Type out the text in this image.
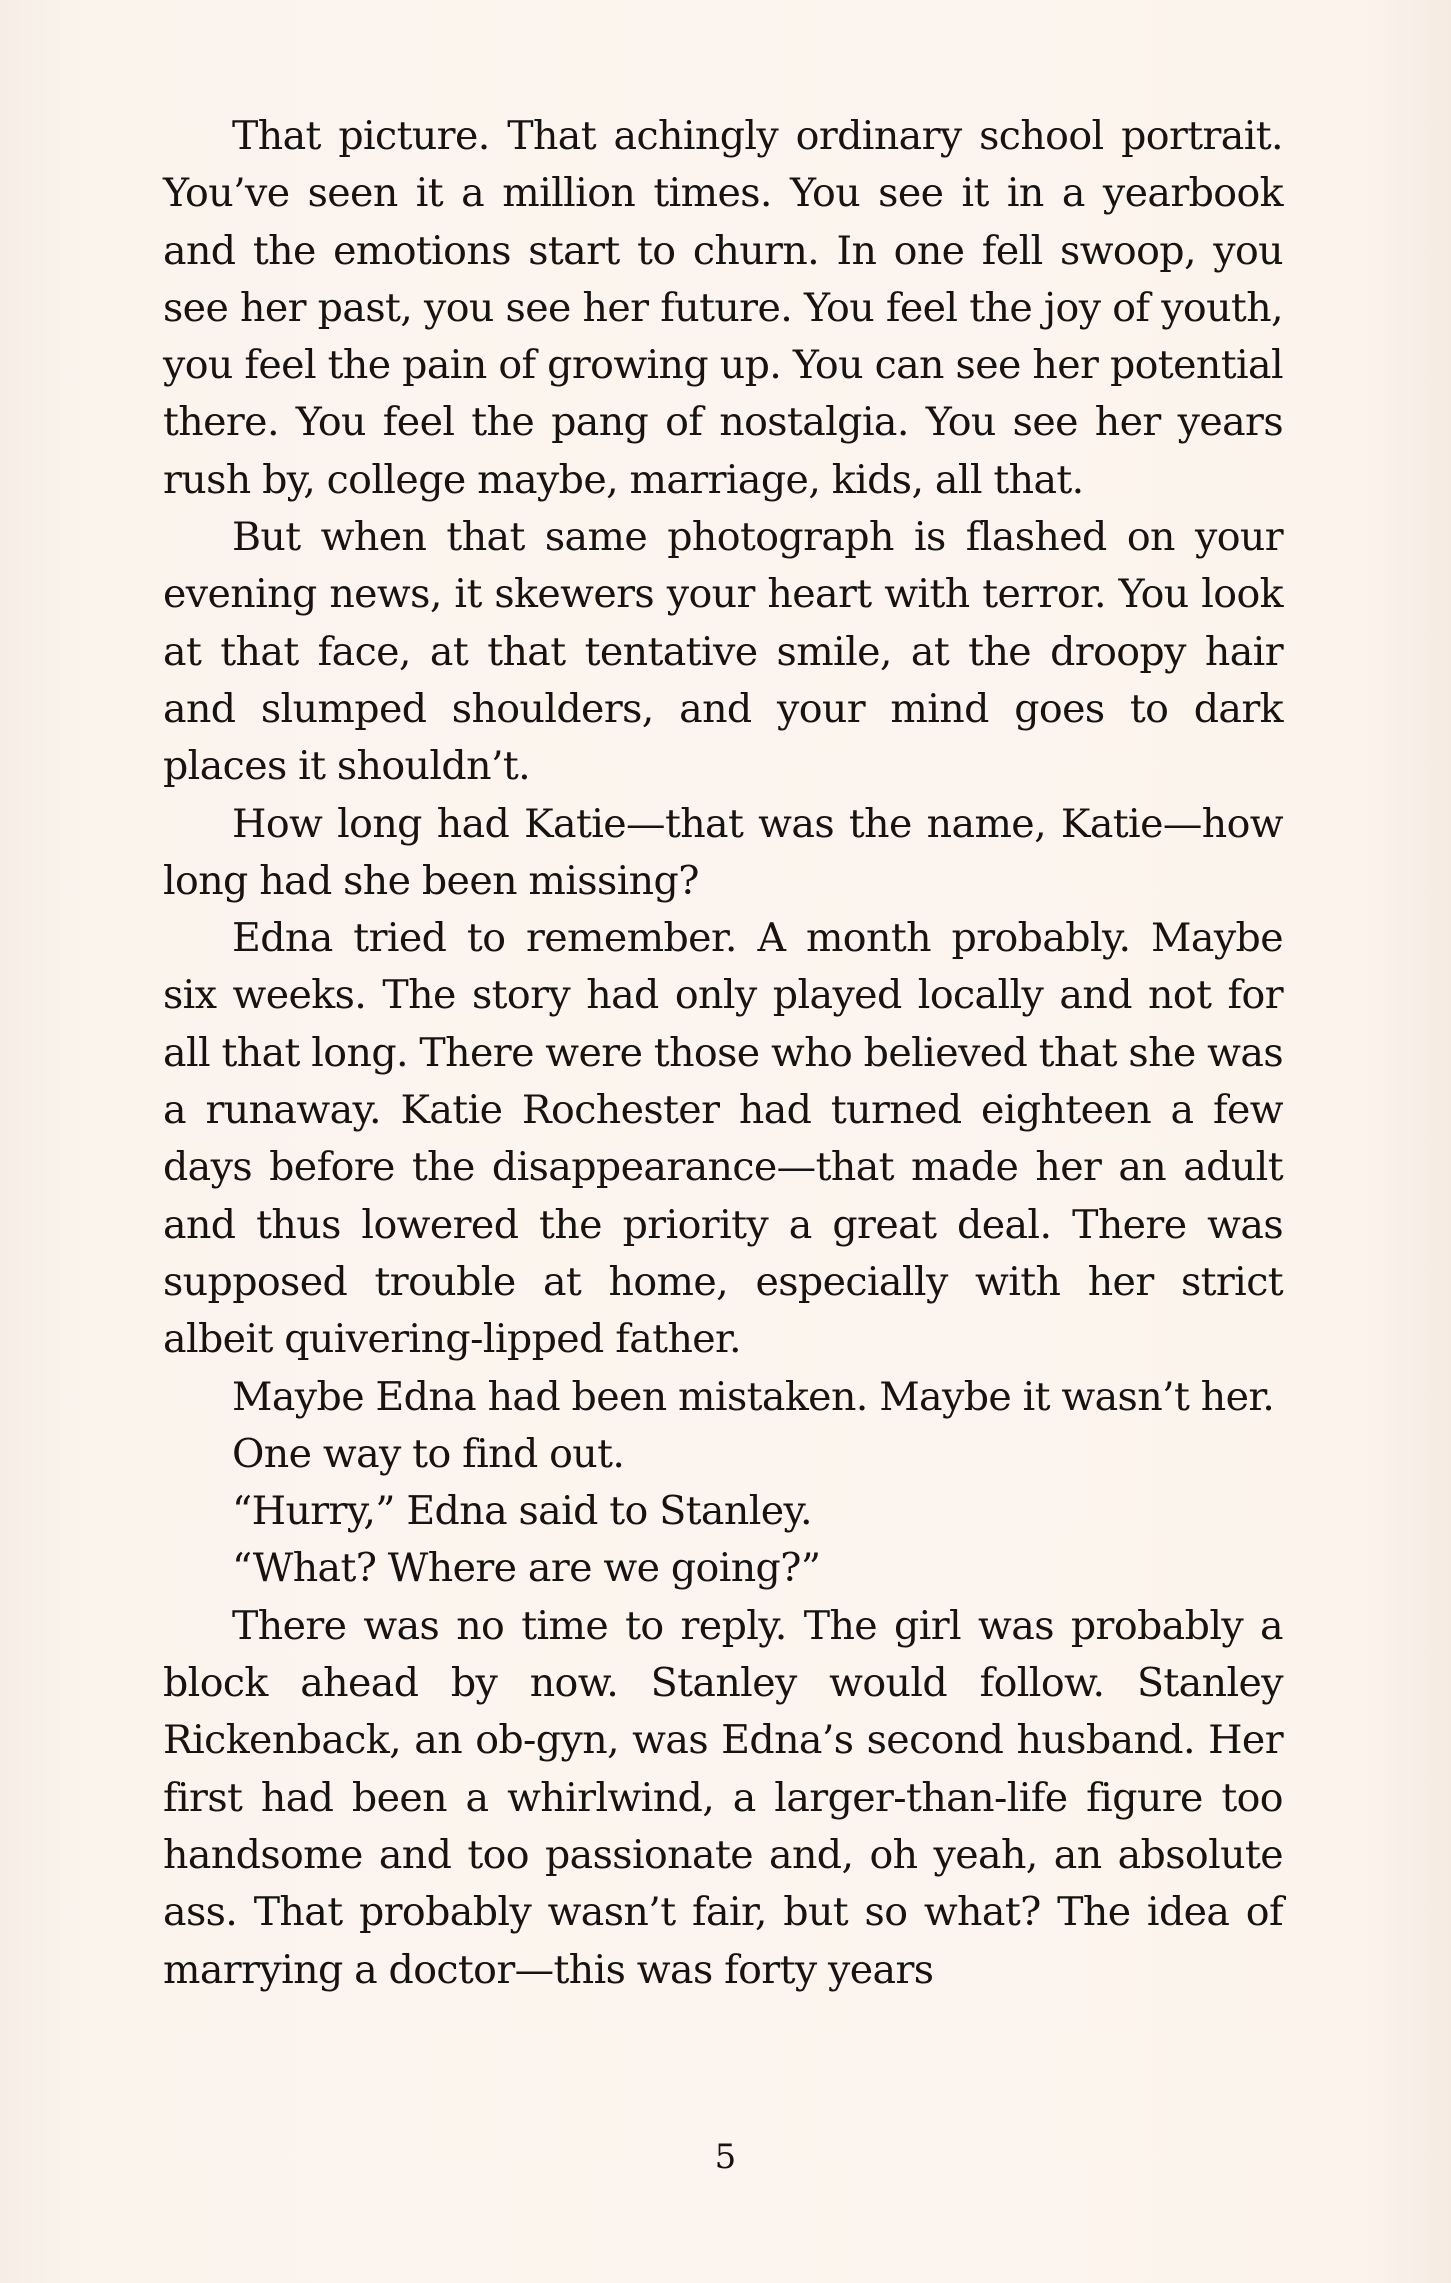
That picture. That achingly ordinary school portrait. You’ve seen it a million times. You see it in a yearbook and the emotions start to churn. In one fell swoop, you see her past, you see her future. You feel the joy of youth, you feel the pain of growing up. You can see her potential there. You feel the pang of nostalgia. You see her years rush by, college maybe, marriage, kids, all that.

But when that same photograph is flashed on your evening news, it skewers your heart with terror. You look at that face, at that tentative smile, at the droopy hair and slumped shoulders, and your mind goes to dark places it shouldn’t.

How long had Katie—that was the name, Katie—how long had she been missing?

Edna tried to remember. A month probably. Maybe six weeks. The story had only played locally and not for all that long. There were those who believed that she was a runaway. Katie Rochester had turned eighteen a few days before the disappearance—that made her an adult and thus lowered the priority a great deal. There was supposed trouble at home, especially with her strict albeit quivering-lipped father.

Maybe Edna had been mistaken. Maybe it wasn’t her.

One way to find out.

“Hurry,” Edna said to Stanley.

“What? Where are we going?”

There was no time to reply. The girl was probably a block ahead by now. Stanley would follow. Stanley Rickenback, an ob-gyn, was Edna’s second husband. Her first had been a whirlwind, a larger-than-life figure too handsome and too passionate and, oh yeah, an absolute ass. That probably wasn’t fair, but so what? The idea of marrying a doctor—this was forty years

5
